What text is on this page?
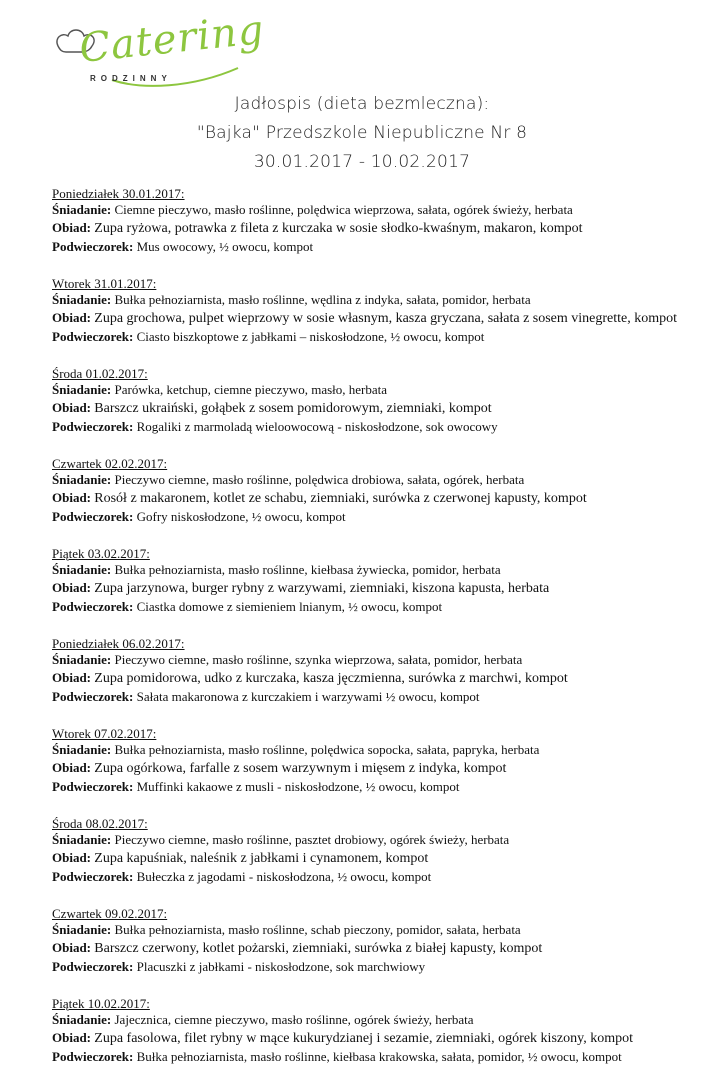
Catering
RODZINNY
Jadłospis (dieta bezmleczna):
"Bajka" Przedszkole Niepubliczne Nr 8
30.01.2017 - 10.02.2017
Poniedziałek 30.01.2017:
Śniadanie: Ciemne pieczywo, masło roślinne, polędwica wieprzowa, sałata, ogórek świeży, herbata
Obiad: Zupa ryżowa, potrawka z fileta z kurczaka w sosie słodko-kwaśnym, makaron, kompot
Podwieczorek: Mus owocowy, ½ owocu, kompot
Wtorek 31.01.2017:
Śniadanie: Bułka pełnoziarnista, masło roślinne, wędlina z indyka, sałata, pomidor, herbata
Obiad: Zupa grochowa, pulpet wieprzowy w sosie własnym, kasza gryczana, sałata z sosem vinegrette, kompot
Podwieczorek: Ciasto biszkoptowe z jabłkami – niskosłodzone, ½ owocu, kompot
Środa 01.02.2017:
Śniadanie: Parówka, ketchup, ciemne pieczywo, masło, herbata
Obiad: Barszcz ukraiński, gołąbek z sosem pomidorowym, ziemniaki, kompot
Podwieczorek: Rogaliki z marmoladą wieloowocową - niskosłodzone, sok owocowy
Czwartek 02.02.2017:
Śniadanie: Pieczywo ciemne, masło roślinne, polędwica drobiowa, sałata, ogórek, herbata
Obiad: Rosół z makaronem, kotlet ze schabu, ziemniaki, surówka z czerwonej kapusty, kompot
Podwieczorek: Gofry niskosłodzone, ½ owocu, kompot
Piątek 03.02.2017:
Śniadanie: Bułka pełnoziarnista, masło roślinne, kiełbasa żywiecka, pomidor, herbata
Obiad: Zupa jarzynowa, burger rybny z warzywami, ziemniaki, kiszona kapusta, herbata
Podwieczorek: Ciastka domowe z siemieniem lnianym, ½ owocu, kompot
Poniedziałek 06.02.2017:
Śniadanie: Pieczywo ciemne, masło roślinne, szynka wieprzowa, sałata, pomidor, herbata
Obiad: Zupa pomidorowa, udko z kurczaka, kasza jęczmienna, surówka z marchwi, kompot
Podwieczorek: Sałata makaronowa z kurczakiem i warzywami ½ owocu, kompot
Wtorek 07.02.2017:
Śniadanie: Bułka pełnoziarnista, masło roślinne, polędwica sopocka, sałata, papryka, herbata
Obiad: Zupa ogórkowa, farfalle z sosem warzywnym i mięsem z indyka, kompot
Podwieczorek: Muffinki kakaowe z musli - niskosłodzone, ½ owocu, kompot
Środa 08.02.2017:
Śniadanie: Pieczywo ciemne, masło roślinne, pasztet drobiowy, ogórek świeży, herbata
Obiad: Zupa kapuśniak, naleśnik z jabłkami i cynamonem, kompot
Podwieczorek: Bułeczka z jagodami - niskosłodzona, ½ owocu, kompot
Czwartek 09.02.2017:
Śniadanie: Bułka pełnoziarnista, masło roślinne, schab pieczony, pomidor, sałata, herbata
Obiad: Barszcz czerwony, kotlet pożarski, ziemniaki, surówka z białej kapusty, kompot
Podwieczorek: Placuszki z jabłkami - niskosłodzone, sok marchwiowy
Piątek 10.02.2017:
Śniadanie: Jajecznica, ciemne pieczywo, masło roślinne, ogórek świeży, herbata
Obiad: Zupa fasolowa, filet rybny w mące kukurydzianej i sezamie, ziemniaki, ogórek kiszony, kompot
Podwieczorek: Bułka pełnoziarnista, masło roślinne, kiełbasa krakowska, sałata, pomidor, ½ owocu, kompot
